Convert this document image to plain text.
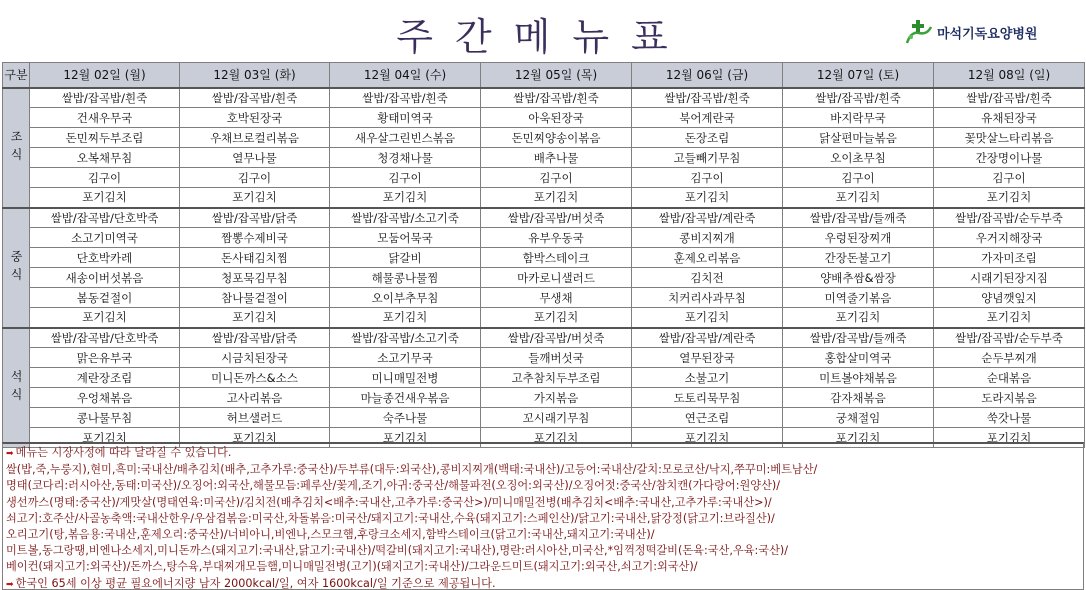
주간메뉴표	마석기독요양병원
구분	12월 02일 (월)	12월 03일 (화)	12월 04일 (수)	12월 05일 (목)	12월 06일 (금)	12월 07일 (토)	12월 08일 (일)
조식	쌀밥/잡곡밥/흰죽	쌀밥/잡곡밥/흰죽	쌀밥/잡곡밥/흰죽	쌀밥/잡곡밥/흰죽	쌀밥/잡곡밥/흰죽	쌀밥/잡곡밥/흰죽	쌀밥/잡곡밥/흰죽
	건새우무국	호박된장국	황태미역국	아욱된장국	북어계란국	바지락무국	유채된장국
	돈민찌두부조림	우채브로컬리볶음	새우살그린빈스볶음	돈민찌양송이볶음	돈장조림	닭살편마늘볶음	꽃맛살느타리볶음
	오복채무침	열무나물	청경채나물	배추나물	고들빼기무침	오이초무침	간장명이나물
	김구이	김구이	김구이	김구이	김구이	김구이	김구이
	포기김치	포기김치	포기김치	포기김치	포기김치	포기김치	포기김치
중식	쌀밥/잡곡밥/단호박죽	쌀밥/잡곡밥/닭죽	쌀밥/잡곡밥/소고기죽	쌀밥/잡곡밥/버섯죽	쌀밥/잡곡밥/계란죽	쌀밥/잡곡밥/들깨죽	쌀밥/잡곡밥/순두부죽
	소고기미역국	짬뽕수제비국	모둠어묵국	유부우동국	콩비지찌개	우렁된장찌개	우거지해장국
	단호박카레	돈사태김치찜	닭갈비	함박스테이크	훈제오리볶음	간장돈불고기	가자미조림
	새송이버섯볶음	청포묵김무침	해물콩나물찜	마카로니샐러드	김치전	양배추쌈&쌈장	시래기된장지짐
	봄동겉절이	참나물겉절이	오이부추무침	무생채	치커리사과무침	미역줄기볶음	양념깻잎지
	포기김치	포기김치	포기김치	포기김치	포기김치	포기김치	포기김치
석식	쌀밥/잡곡밥/단호박죽	쌀밥/잡곡밥/닭죽	쌀밥/잡곡밥/소고기죽	쌀밥/잡곡밥/버섯죽	쌀밥/잡곡밥/계란죽	쌀밥/잡곡밥/들깨죽	쌀밥/잡곡밥/순두부죽
	맑은유부국	시금치된장국	소고기무국	들깨버섯국	열무된장국	홍합살미역국	순두부찌개
	계란장조림	미니돈까스&소스	미니매밀전병	고추참치두부조림	소불고기	미트볼야채볶음	순대볶음
	우엉채볶음	고사리볶음	마늘종건새우볶음	가지볶음	도토리묵무침	감자채볶음	도라지볶음
	콩나물무침	허브샐러드	숙주나물	꼬시래기무침	연근조림	궁채절임	쑥갓나물
	포기김치	포기김치	포기김치	포기김치	포기김치	포기김치	포기김치
➡ 메뉴는 시장사정에 따라 달라질 수 있습니다.
쌀(밥,죽,누룽지),현미,흑미:국내산/배추김치(배추,고추가루:중국산)/두부류(대두:외국산),콩비지찌개(백태:국내산)/고등어:국내산/갈치:모로코산/낙지,쭈꾸미:베트남산/
명태(코다리:러시아산,동태:미국산)/오징어:외국산,해물모듬:페루산/꽃게,조기,아귀:중국산/해물파전(오징어:외국산)/오징어젓:중국산/참치캔(가다랑어:원양산)/
생선까스(명태:중국산)/게맛살(명태연육:미국산)/김치전(배추김치<배추:국내산,고추가루:중국산>)/미니매밀전병(배추김치<배추:국내산,고추가루:국내산>)/
쇠고기:호주산/사골농축액:국내산한우/우삼겹볶음:미국산,차돌볶음:미국산/돼지고기:국내산,수육(돼지고기:스페인산)/닭고기:국내산,닭강정(닭고기:브라질산)/
오리고기(탕,볶음용:국내산,훈제오리:중국산)/너비아니,비엔나,스모크햄,후랑크소세지,함박스테이크(닭고기:국내산,돼지고기:국내산)/
미트볼,동그랑땡,비엔나소세지,미니돈까스(돼지고기:국내산,닭고기:국내산)/떡갈비(돼지고기:국내산),명란:러시아산,미국산,*임꺽정떡갈비(돈육:국산,우육:국산)/
베이컨(돼지고기:외국산)/돈까스,탕수육,부대찌개모듬햄,미니매밀전병(고기)(돼지고기:국내산)/그라운드미트(돼지고기:외국산,쇠고기:외국산)/
➡ 한국인 65세 이상 평균 필요에너지량 남자 2000kcal/일, 여자 1600kcal/일 기준으로 제공됩니다.
